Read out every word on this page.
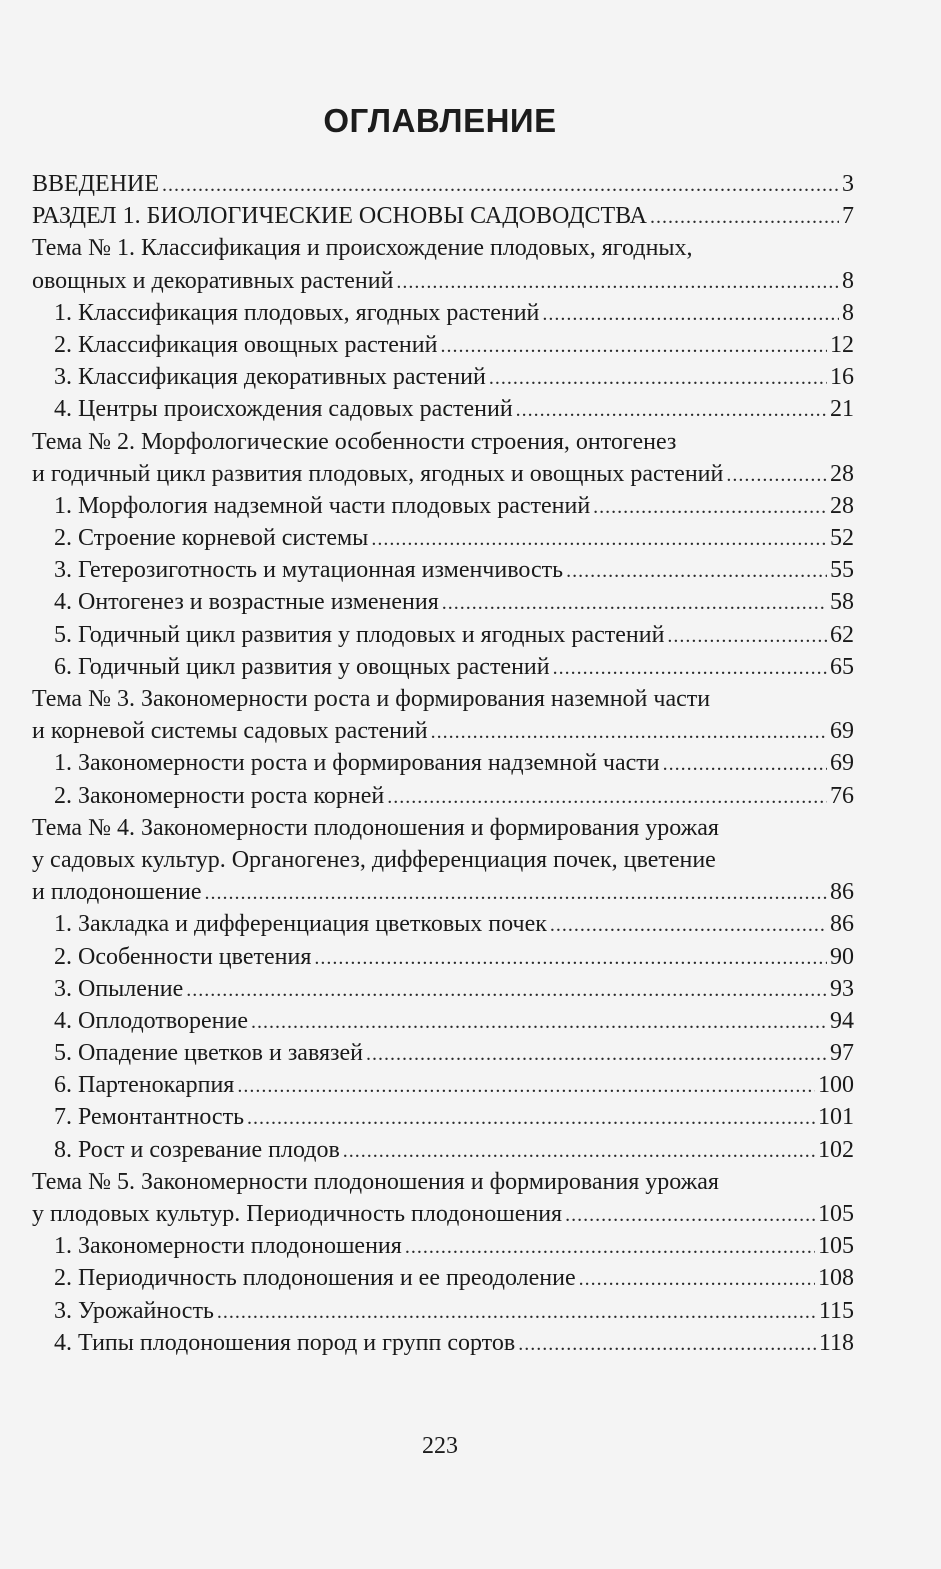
ОГЛАВЛЕНИЕ
ВВЕДЕНИЕ .....	3
РАЗДЕЛ 1. БИОЛОГИЧЕСКИЕ ОСНОВЫ САДОВОДСТВА .....	7
Тема № 1. Классификация и происхождение плодовых, ягодных,
овощных и декоративных растений .....	8
1. Классификация плодовых, ягодных растений .....	8
2. Классификация овощных растений .....	12
3. Классификация декоративных растений .....	16
4. Центры происхождения садовых растений .....	21
Тема № 2. Морфологические особенности строения, онтогенез
и годичный цикл развития плодовых, ягодных и овощных растений .....	28
1. Морфология надземной части плодовых растений .....	28
2. Строение корневой системы .....	52
3. Гетерозиготность и мутационная изменчивость .....	55
4. Онтогенез и возрастные изменения .....	58
5. Годичный цикл развития у плодовых и ягодных растений .....	62
6. Годичный цикл развития у овощных растений .....	65
Тема № 3. Закономерности роста и формирования наземной части
и корневой системы садовых растений .....	69
1. Закономерности роста и формирования надземной части .....	69
2. Закономерности роста корней .....	76
Тема № 4. Закономерности плодоношения и формирования урожая
у садовых культур. Органогенез, дифференциация почек, цветение
и плодоношение .....	86
1. Закладка и дифференциация цветковых почек .....	86
2. Особенности цветения .....	90
3. Опыление .....	93
4. Оплодотворение .....	94
5. Опадение цветков и завязей .....	97
6. Партенокарпия .....	100
7. Ремонтантность .....	101
8. Рост и созревание плодов .....	102
Тема № 5. Закономерности плодоношения и формирования урожая
у плодовых культур. Периодичность плодоношения .....	105
1. Закономерности плодоношения .....	105
2. Периодичность плодоношения и ее преодоление .....	108
3. Урожайность .....	115
4. Типы плодоношения пород и групп сортов .....	118
223
